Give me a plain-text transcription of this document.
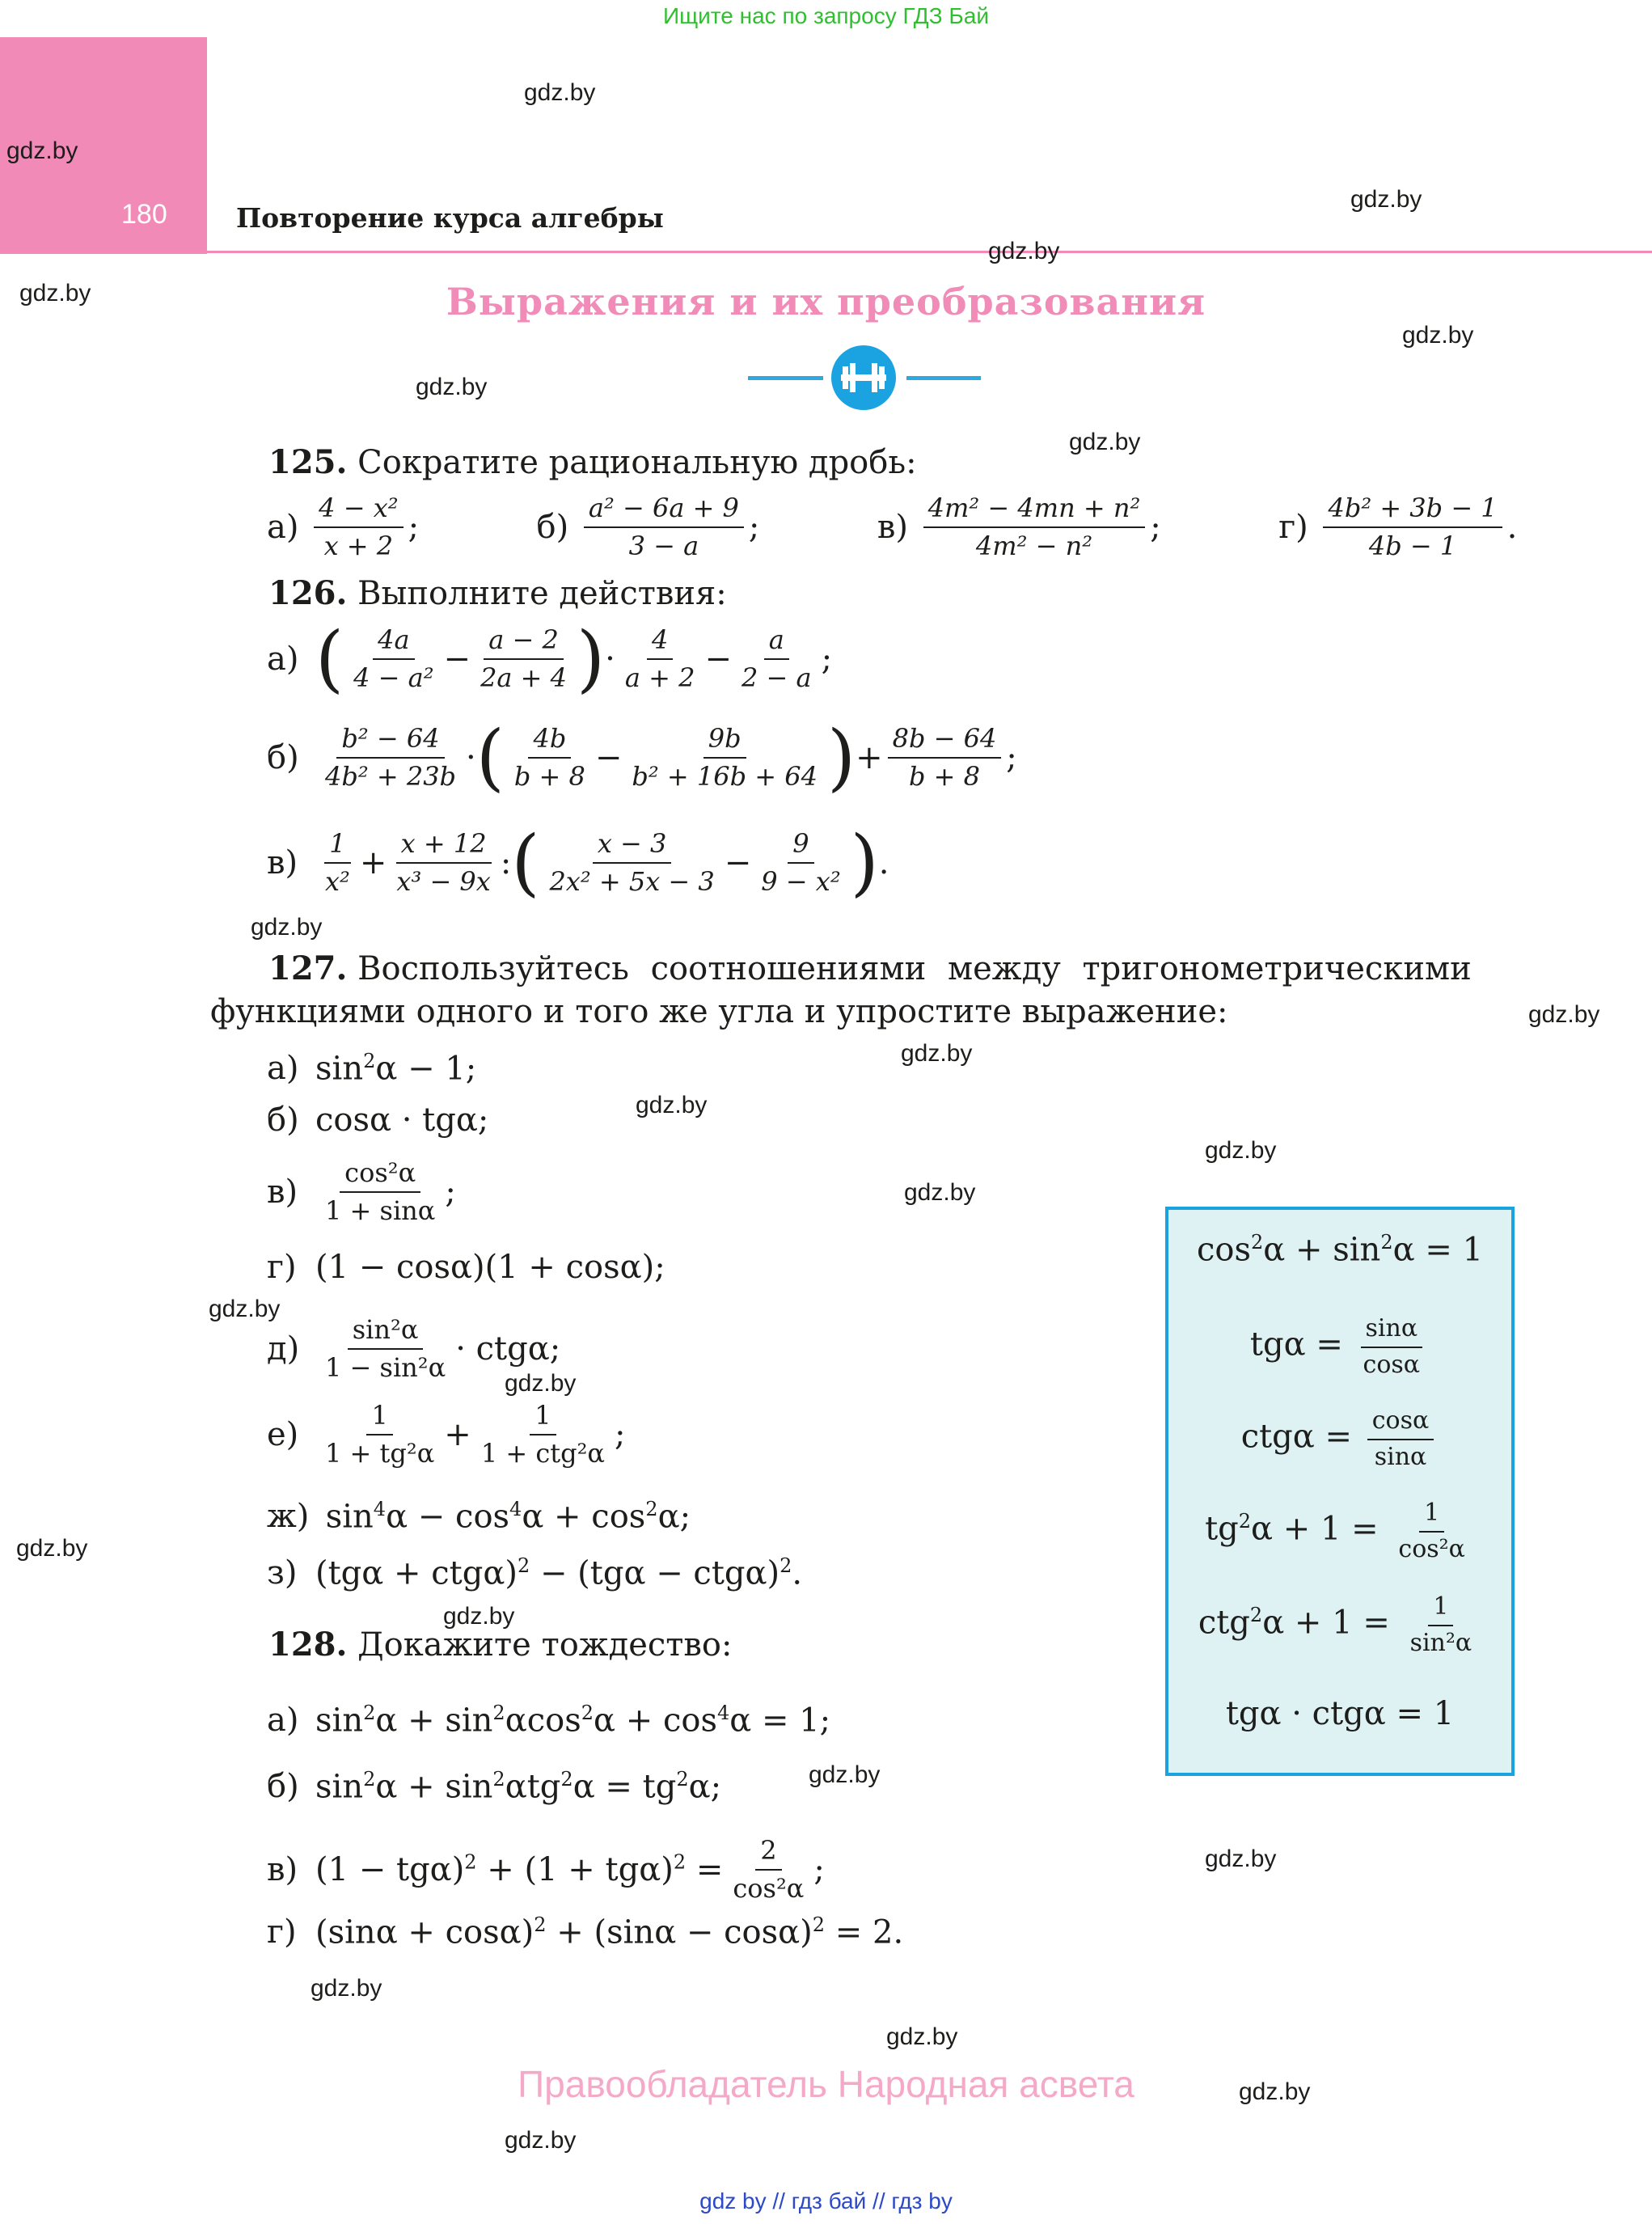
Ищите нас по запросу ГДЗ Бай
180	Повторение курса алгебры
Выражения и их преобразования
gdz.by
gdz.by
gdz.by
gdz.by
gdz.by
gdz.by
gdz.by
gdz.by
gdz.by
gdz.by
gdz.by
gdz.by
gdz.by
gdz.by
gdz.by
gdz.by
gdz.by
gdz.by
gdz.by
gdz.by
gdz.by
gdz.by
gdz.by
gdz.by
125. Сократите рациональную дробь:
$а) \frac{\text{4 − x²}}{x + 2}$ ;	$б) \frac{\text{a² − 6a + 9}}{3 - a}$ ;	$в) \frac{\text{4m² − 4mn + n²}}{\text{4m² − n²}}$ ;	$г) \frac{\text{4b² + 3b − 1}}{4b - 1}$ .
126. Выполните действия:
а) ( $\frac{4a}{\text{4 − a²}} - \frac{a - 2}{2a + 4}$ )· $\frac{4}{a + 2} - \frac{a}{2 - a}$ ;
$б) \frac{\text{b² − 64}}{\text{4b² + 23b}}$ ·( $\frac{4b}{b + 8} - \frac{9b}{\text{b² + 16b + 64}}$ )+ $\frac{8b - 64}{b + 8}$ ;
$в) \frac{1}{\text{x²}} + \frac{x + 12}{\text{x³ − 9x}}$ :( $\frac{x - 3}{\text{2x² + 5x − 3}} - \frac{9}{\text{9 − x²}}$ ).
127. Воспользуйтесь соотношениями между тригонометрическими
функциями одного и того же угла и упростите выражение:
а) $\sin^2\alpha - 1$;
б) cosα · tgα;
$в) \frac{\text{cos²α}}{1 + \sin\alpha}$ ;
г) (1 − cosα)(1 + cosα);
$д) \frac{\text{sin²α}}{\text{1 − sin²α}} \cdot ctg\alpha$;
$е) \frac{1}{\text{1 + tg²α}} + \frac{1}{\text{1 + ctg²α}}$ ;
ж) $\sin^4\alpha - \cos^4\alpha + \cos^2\alpha$;
з) $(tg\alpha + ctg\alpha)^2 - (tg\alpha - ctg\alpha)^2$.
128. Докажите тождество:
а) $\sin^2\alpha + \sin^2\alpha\cos^2\alpha + \cos^4\alpha = 1$;
б) $\sin^2\alpha + \sin^2\alpha tg^2\alpha = tg^2\alpha$;
в) $(1 - tg\alpha)^2 + (1 + tg\alpha)^2 = \frac{2}{\text{cos²α}}$ ;
г) $(\sin\alpha + \cos\alpha)^2 + (\sin\alpha - \cos\alpha)^2 = 2$.
$\cos^2\alpha + \sin^2\alpha = 1$
$tg\alpha = \frac{\sin\alpha}{\cos\alpha}$
$ctg\alpha = \frac{\cos\alpha}{\sin\alpha}$
$tg^2\alpha + 1 = \frac{1}{\text{cos²α}}$
$ctg^2\alpha + 1 = \frac{1}{\text{sin²α}}$
tgα · ctgα = 1
Правообладатель Народная асвета
gdz by // гдз бай // гдз by
